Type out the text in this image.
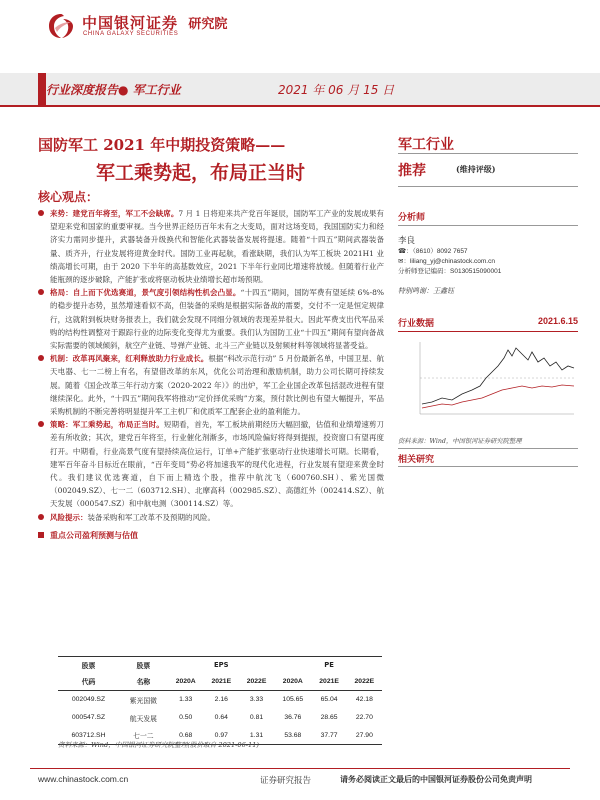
中国银河证券
CHINA GALAXY SECURITIES
研究院
行业深度报告● 军工行业	2021 年 06 月 15 日
国防军工 2021 年中期投资策略——
军工乘势起，布局正当时
核心观点：
来势：建党百年将至，军工不会缺席。7 月 1 日将迎来共产党百年诞辰，国防军工产业的发展成果有望迎来党和国家的重要审视。当今世界正经历百年未有之大变局，面对这场变局，我国国防实力和经济实力需同步提升，武器装备升级换代和智能化武器装备发展将提速。随着“十四五”期间武器装备量、质齐升，行业发展将迎黄金时代。国防工业再起航，看涨缺期，我们认为军工板块 2021H1 业绩高增长可期，由于 2020 下半年的高基数效应，2021 下半年行业同比增速将放缓。但随着行业产能瓶颈的逐步破除，产能扩张或将驱动板块业绩增长超市场预期。
格局：自上而下优选赛道，景气度引领结构性机会凸显。“十四五”期间，国防军费有望延续 6%-8%的稳步提升态势，虽然增速看似不高，但装备的采购是根据实际备战的需要，交付不一定是恒定规律行，这就附到板块财务报表上，我们就会发现不同细分领域的表现差异很大。因此军费支出代军品采购的结构性调整对于跟踪行业的边际变化变得尤为重要。我们认为国防工业“十四五”期间有望向备战实际需要的领域倾斜，航空产业链、导弹产业链、北斗三产业链以及射频材料等领域将显著受益。
机制：改革再风聚来，红利释放助力行业成长。根据“科改示范行动” 5 月份最新名单，中国卫星、航天电器、七一二榜上有名，有望借改革的东风，优化公司治理和激励机制，助力公司长期可持续发展。随着《国企改革三年行动方案（2020-2022 年）》的出炉，军工企业国企改革包括混改进程有望继续深化。此外，“十四五”期间我军将推动“定价择优采购”方案，预付款比例也有望大幅提升，军品采购机制的不断完善将明显提升军工主机厂和优质军工配套企业的盈利能力。
策略：军工乘势起，布局正当时。短期看，首先，军工板块前期经历大幅回撤，估值和业绩增速剪刀差有所收敛；其次，建党百年将至，行业催化剂渐多，市场风险偏好将得到提振，投资窗口有望再度打开。中期看，行业高景气度有望持续高位运行，订单+产能扩张驱动行业快速增长可期。长期看，建军百年奋斗目标近在眼前，“百年变局”势必将加速我军的现代化进程，行业发展有望迎来黄金时代。我们建议优选赛道，自下而上精选个股，推荐中航沈飞（600760.SH）、紫光国微（002049.SZ）、七一二（603712.SH）、北摩高科（002985.SZ）、高德红外（002414.SZ）、航天发展（000547.SZ）和中航电测（300114.SZ）等。
风险提示：装备采购和军工改革不及预期的风险。
重点公司盈利预测与估值
股票	股票		EPS			PE	
代码	名称	2020A	2021E	2022E	2020A	2021E	2022E
002049.SZ	紫光国微	1.33	2.16	3.33	105.65	65.04	42.18
000547.SZ	航天发展	0.50	0.64	0.81	36.76	28.65	22.70
603712.SH	七一二	0.68	0.97	1.31	53.68	37.77	27.90
资料来源：Wind，中国银河证券研究院整理(股价取自 2021-06-11)
军工行业
推荐	(维持评级)
分析师
李良
☎：（8610）8092 7657
✉：liliang_yj@chinastock.com.cn
分析师登记编码：S0130515090001
特别鸣谢：王鑫钰
行业数据	2021.6.15
资料来源：Wind，中国银河证券研究院整理
相关研究
www.chinastock.com.cn	证券研究报告	请务必阅读正文最后的中国银河证券股份公司免责声明
